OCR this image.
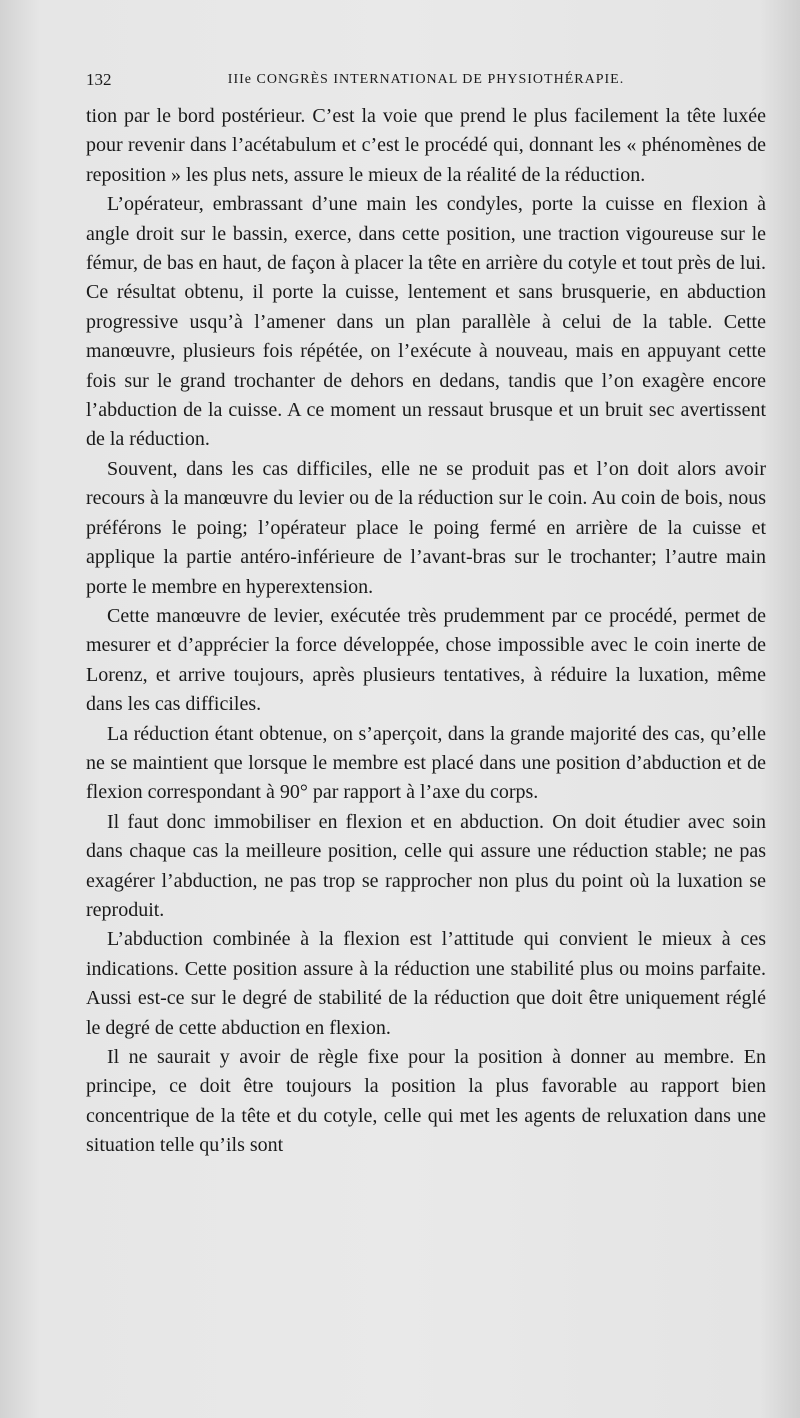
132	IIIe CONGRÈS INTERNATIONAL DE PHYSIOTHÉRAPIE.

tion par le bord postérieur. C’est la voie que prend le plus facilement la tête luxée pour revenir dans l’acétabulum et c’est le procédé qui, donnant les « phénomènes de reposition » les plus nets, assure le mieux de la réalité de la réduction.

L’opérateur, embrassant d’une main les condyles, porte la cuisse en flexion à angle droit sur le bassin, exerce, dans cette position, une traction vigoureuse sur le fémur, de bas en haut, de façon à placer la tête en arrière du cotyle et tout près de lui. Ce résultat obtenu, il porte la cuisse, lentement et sans brusquerie, en abduction progressive usqu’à l’amener dans un plan parallèle à celui de la table. Cette manœuvre, plusieurs fois répétée, on l’exécute à nouveau, mais en appuyant cette fois sur le grand trochanter de dehors en dedans, tandis que l’on exagère encore l’abduction de la cuisse. A ce moment un ressaut brusque et un bruit sec avertissent de la réduction.

Souvent, dans les cas difficiles, elle ne se produit pas et l’on doit alors avoir recours à la manœuvre du levier ou de la réduction sur le coin. Au coin de bois, nous préférons le poing; l’opérateur place le poing fermé en arrière de la cuisse et applique la partie antéro-inférieure de l’avant-bras sur le trochanter; l’autre main porte le membre en hyperextension.

Cette manœuvre de levier, exécutée très prudemment par ce procédé, permet de mesurer et d’apprécier la force développée, chose impossible avec le coin inerte de Lorenz, et arrive toujours, après plusieurs tentatives, à réduire la luxation, même dans les cas difficiles.

La réduction étant obtenue, on s’aperçoit, dans la grande majorité des cas, qu’elle ne se maintient que lorsque le membre est placé dans une position d’abduction et de flexion correspondant à 90° par rapport à l’axe du corps.

Il faut donc immobiliser en flexion et en abduction. On doit étudier avec soin dans chaque cas la meilleure position, celle qui assure une réduction stable; ne pas exagérer l’abduction, ne pas trop se rapprocher non plus du point où la luxation se reproduit.

L’abduction combinée à la flexion est l’attitude qui convient le mieux à ces indications. Cette position assure à la réduction une stabilité plus ou moins parfaite. Aussi est-ce sur le degré de stabilité de la réduction que doit être uniquement réglé le degré de cette abduction en flexion.

Il ne saurait y avoir de règle fixe pour la position à donner au membre. En principe, ce doit être toujours la position la plus favorable au rapport bien concentrique de la tête et du cotyle, celle qui met les agents de reluxation dans une situation telle qu’ils sont
